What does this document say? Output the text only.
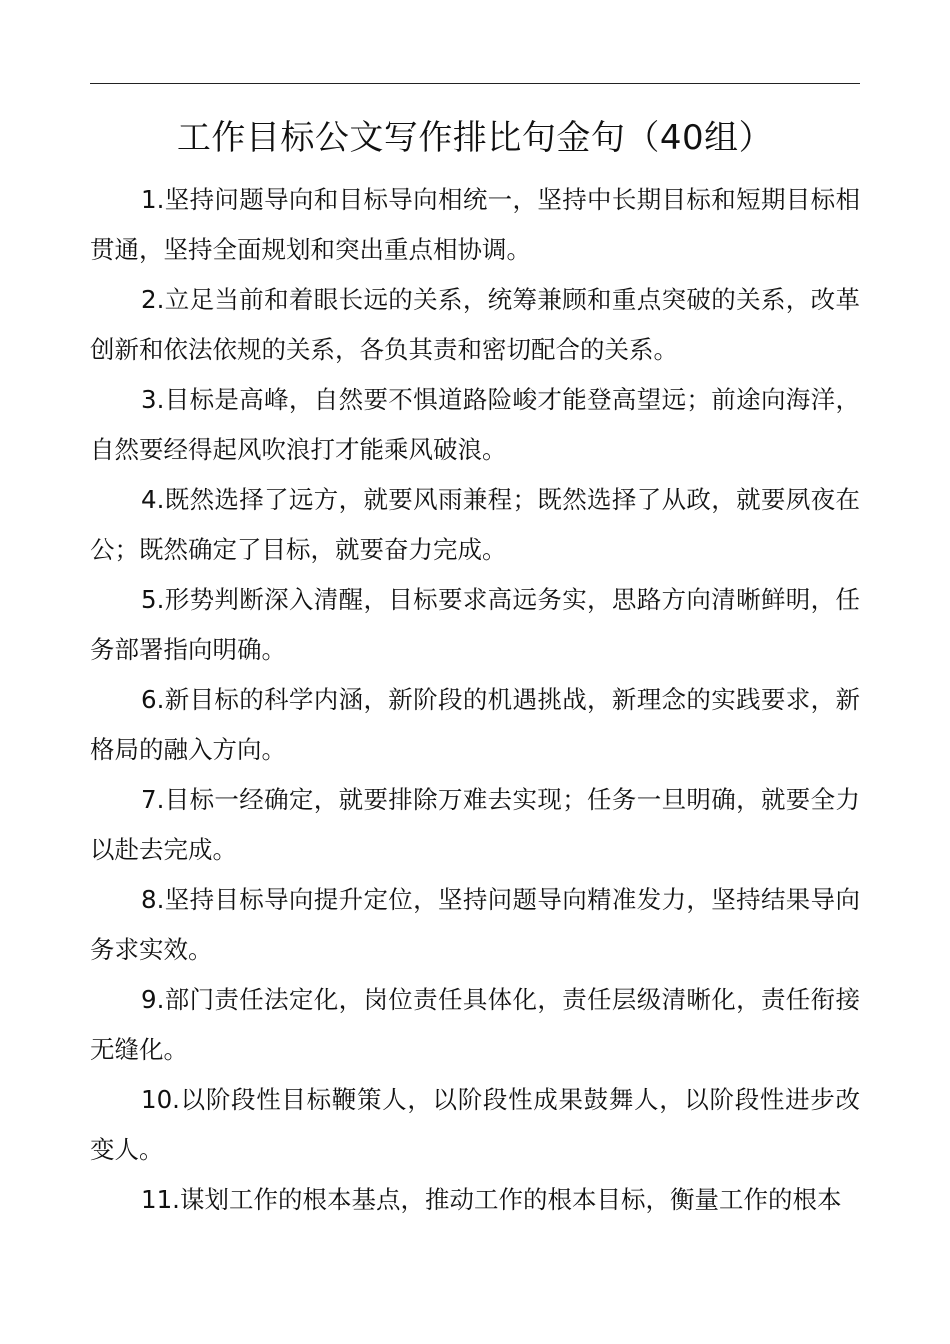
工作目标公文写作排比句金句（40组）

1.坚持问题导向和目标导向相统一，坚持中长期目标和短期目标相贯通，坚持全面规划和突出重点相协调。

2.立足当前和着眼长远的关系，统筹兼顾和重点突破的关系，改革创新和依法依规的关系，各负其责和密切配合的关系。

3.目标是高峰，自然要不惧道路险峻才能登高望远；前途向海洋，自然要经得起风吹浪打才能乘风破浪。

4.既然选择了远方，就要风雨兼程；既然选择了从政，就要夙夜在公；既然确定了目标，就要奋力完成。

5.形势判断深入清醒，目标要求高远务实，思路方向清晰鲜明，任务部署指向明确。

6.新目标的科学内涵，新阶段的机遇挑战，新理念的实践要求，新格局的融入方向。

7.目标一经确定，就要排除万难去实现；任务一旦明确，就要全力以赴去完成。

8.坚持目标导向提升定位，坚持问题导向精准发力，坚持结果导向务求实效。

9.部门责任法定化，岗位责任具体化，责任层级清晰化，责任衔接无缝化。

10.以阶段性目标鞭策人，以阶段性成果鼓舞人，以阶段性进步改变人。

11.谋划工作的根本基点，推动工作的根本目标，衡量工作的根本
